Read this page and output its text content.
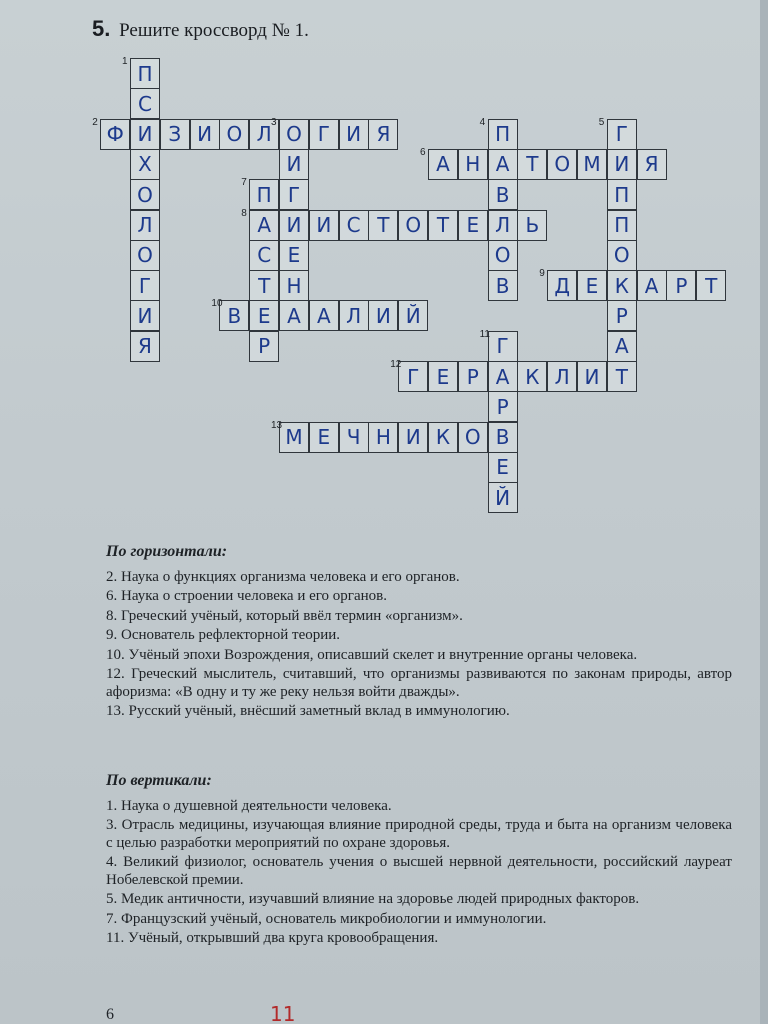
5. Решите кроссворд № 1.
1 П
С
И
Х
О
Л
О
Г
И
Я
2 Ф	З И О Л 3 О Г И Я
И
Г
И
Е
Н
А
4 П
А
В
Л
О
В
5 Г
И
П
П
О
К
Р
А
Т
6 А Н	Т О М	Я
7 П
8 А
С
Т
Е
Р
И С Т О Т Е	Ь
9 Д Е	А Р Т
10 В	А Л И Й
11 Г
А
Р
В
Е
Й
12 Г Е Р	К Л И
13 М Е Ч Н И К О
По горизонтали:

2. Наука о функциях организма человека и его органов.

6. Наука о строении человека и его органов.

8. Греческий учёный, который ввёл термин «организм».

9. Основатель рефлекторной теории.

10. Учёный эпохи Возрождения, описавший скелет и внутренние органы человека.

12. Греческий мыслитель, считавший, что организмы развиваются по законам природы, автор афоризма: «В одну и ту же реку нельзя войти дважды».

13. Русский учёный, внёсший заметный вклад в иммунологию.

По вертикали:

1. Наука о душевной деятельности человека.

3. Отрасль медицины, изучающая влияние природной среды, труда и быта на организм человека с целью разработки мероприятий по охране здоровья.

4. Великий физиолог, основатель учения о высшей нервной деятельности, российский лауреат Нобелевской премии.

5. Медик античности, изучавший влияние на здоровье людей природных факторов.

7. Французский учёный, основатель микробиологии и иммунологии.

11. Учёный, открывший два круга кровообращения.

6	11
